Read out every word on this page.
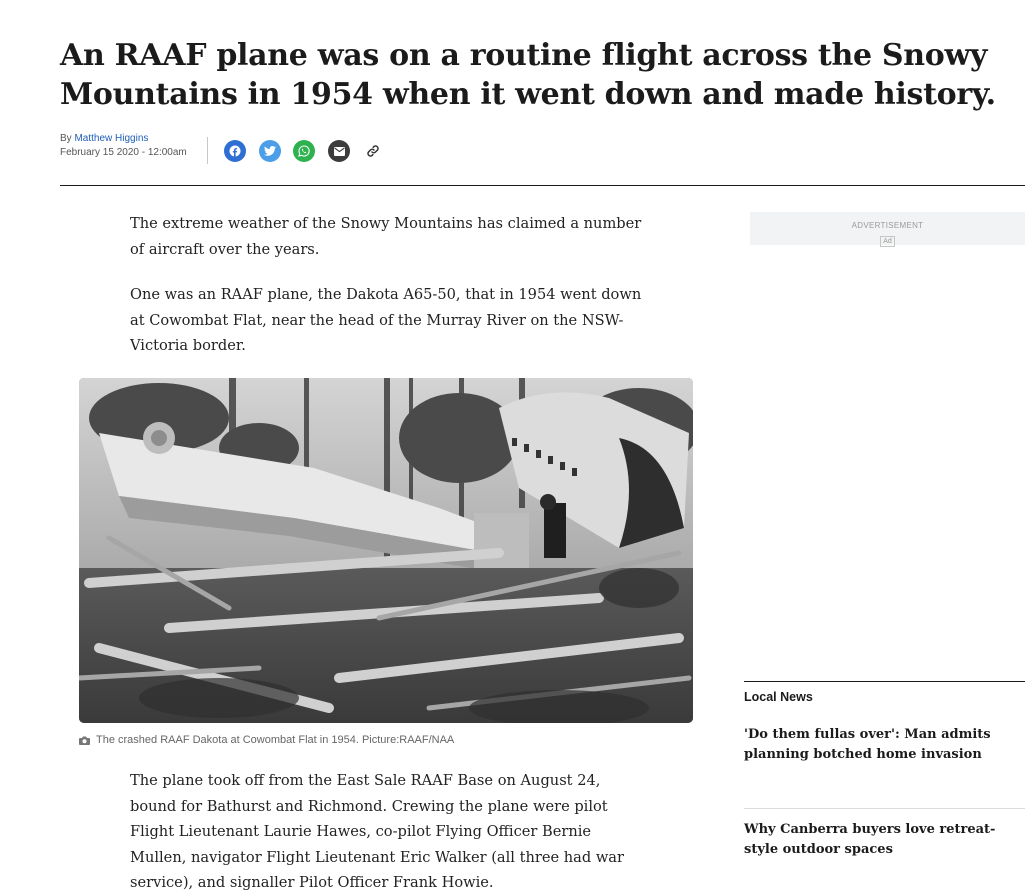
An RAAF plane was on a routine flight across the Snowy Mountains in 1954 when it went down and made history.
By Matthew Higgins
February 15 2020 - 12:00am

The extreme weather of the Snowy Mountains has claimed a number of aircraft over the years.

One was an RAAF plane, the Dakota A65-50, that in 1954 went down at Cowombat Flat, near the head of the Murray River on the NSW-Victoria border.

The crashed RAAF Dakota at Cowombat Flat in 1954. Picture:RAAF/NAA

The plane took off from the East Sale RAAF Base on August 24, bound for Bathurst and Richmond. Crewing the plane were pilot Flight Lieutenant Laurie Hawes, co-pilot Flying Officer Bernie Mullen, navigator Flight Lieutenant Eric Walker (all three had war service), and signaller Pilot Officer Frank Howie.

ADVERTISEMENT
Ad
Local News
'Do them fullas over': Man admits planning botched home invasion
Why Canberra buyers love retreat-style outdoor spaces
